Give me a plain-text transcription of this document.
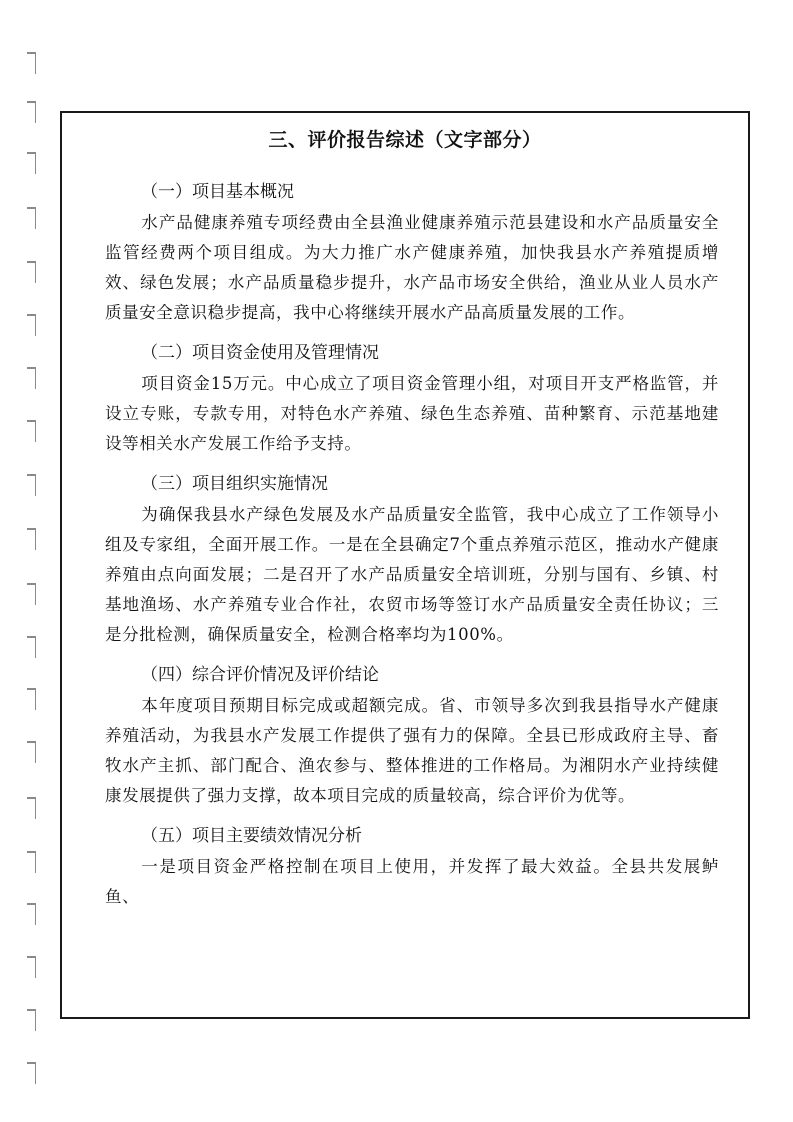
三、评价报告综述（文字部分）

（一）项目基本概况

水产品健康养殖专项经费由全县渔业健康养殖示范县建设和水产品质量安全监管经费两个项目组成。为大力推广水产健康养殖，加快我县水产养殖提质增效、绿色发展；水产品质量稳步提升，水产品市场安全供给，渔业从业人员水产质量安全意识稳步提高，我中心将继续开展水产品高质量发展的工作。

（二）项目资金使用及管理情况

项目资金15万元。中心成立了项目资金管理小组，对项目开支严格监管，并设立专账，专款专用，对特色水产养殖、绿色生态养殖、苗种繁育、示范基地建设等相关水产发展工作给予支持。

（三）项目组织实施情况

为确保我县水产绿色发展及水产品质量安全监管，我中心成立了工作领导小组及专家组，全面开展工作。一是在全县确定7个重点养殖示范区，推动水产健康养殖由点向面发展；二是召开了水产品质量安全培训班，分别与国有、乡镇、村基地渔场、水产养殖专业合作社，农贸市场等签订水产品质量安全责任协议；三是分批检测，确保质量安全，检测合格率均为100%。

（四）综合评价情况及评价结论

本年度项目预期目标完成或超额完成。省、市领导多次到我县指导水产健康养殖活动，为我县水产发展工作提供了强有力的保障。全县已形成政府主导、畜牧水产主抓、部门配合、渔农参与、整体推进的工作格局。为湘阴水产业持续健康发展提供了强力支撑，故本项目完成的质量较高，综合评价为优等。

（五）项目主要绩效情况分析

一是项目资金严格控制在项目上使用，并发挥了最大效益。全县共发展鲈鱼、
